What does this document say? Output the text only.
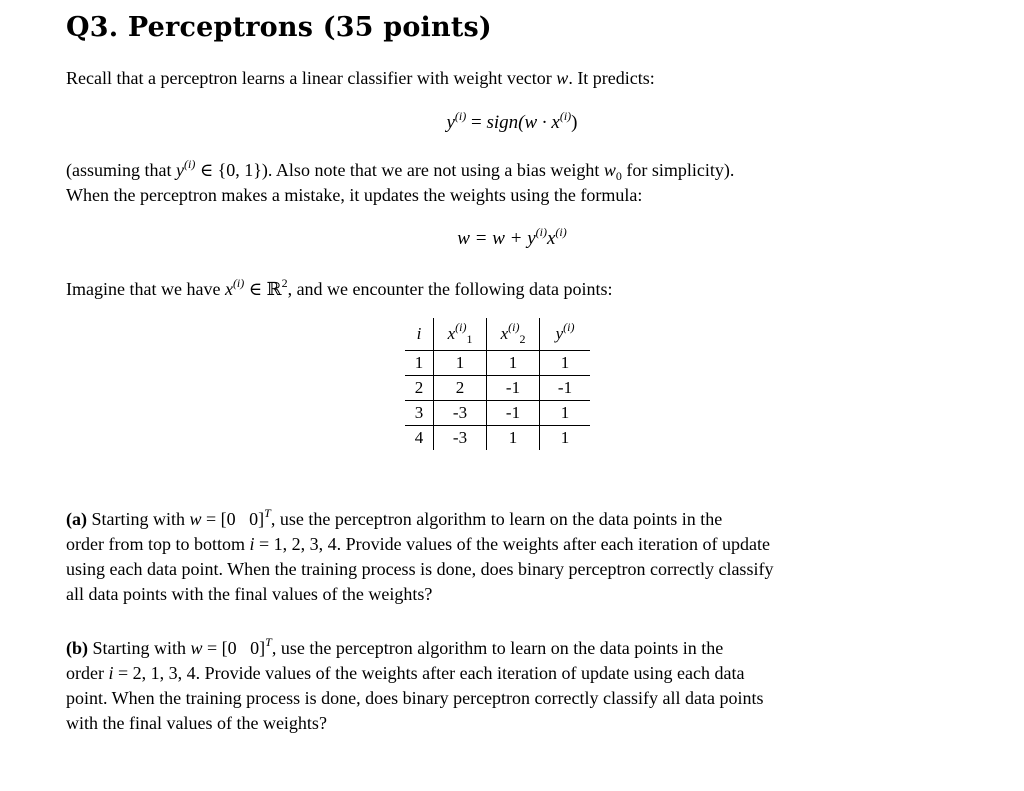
Q3. Perceptrons (35 points)
Recall that a perceptron learns a linear classifier with weight vector w. It predicts:
$y^{(i)}$ = sign(w · $x^{(i)}$)
(assuming that $y^{(i)}$ ∈ {0, 1}). Also note that we are not using a bias weight $w_0$ for simplicity).
When the perceptron makes a mistake, it updates the weights using the formula:
$w = w + y^{(i)}x^{(i)}$
Imagine that we have $x^{(i)}$ ∈ ℝ$^2$, and we encounter the following data points:
i	$x^{(i)}_1$	$x^{(i)}_2$	$y^{(i)}$
1	1	1	1
2	2	-1	-1
3	-3	-1	1
4	-3	1	1
(a) Starting with w = [0   0]$^T$, use the perceptron algorithm to learn on the data points in the
order from top to bottom i = 1, 2, 3, 4. Provide values of the weights after each iteration of update
using each data point. When the training process is done, does binary perceptron correctly classify
all data points with the final values of the weights?
(b) Starting with w = [0   0]$^T$, use the perceptron algorithm to learn on the data points in the
order i = 2, 1, 3, 4. Provide values of the weights after each iteration of update using each data
point. When the training process is done, does binary perceptron correctly classify all data points
with the final values of the weights?
